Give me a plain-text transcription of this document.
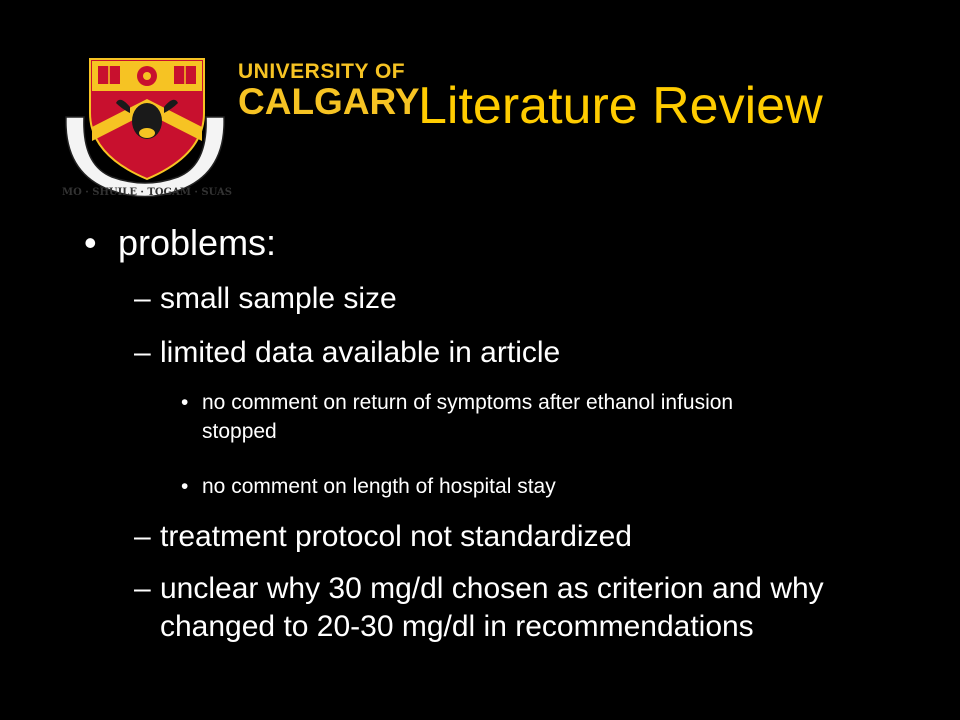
MO · SHUILE · TOGAM · SUAS
UNIVERSITY OF
CALGARY
Literature Review
• problems:
– small sample size
– limited data available in article
• no comment on return of symptoms after ethanol infusion stopped
• no comment on length of hospital stay
– treatment protocol not standardized
– unclear why 30 mg/dl chosen as criterion and why changed to 20-30 mg/dl in recommendations
